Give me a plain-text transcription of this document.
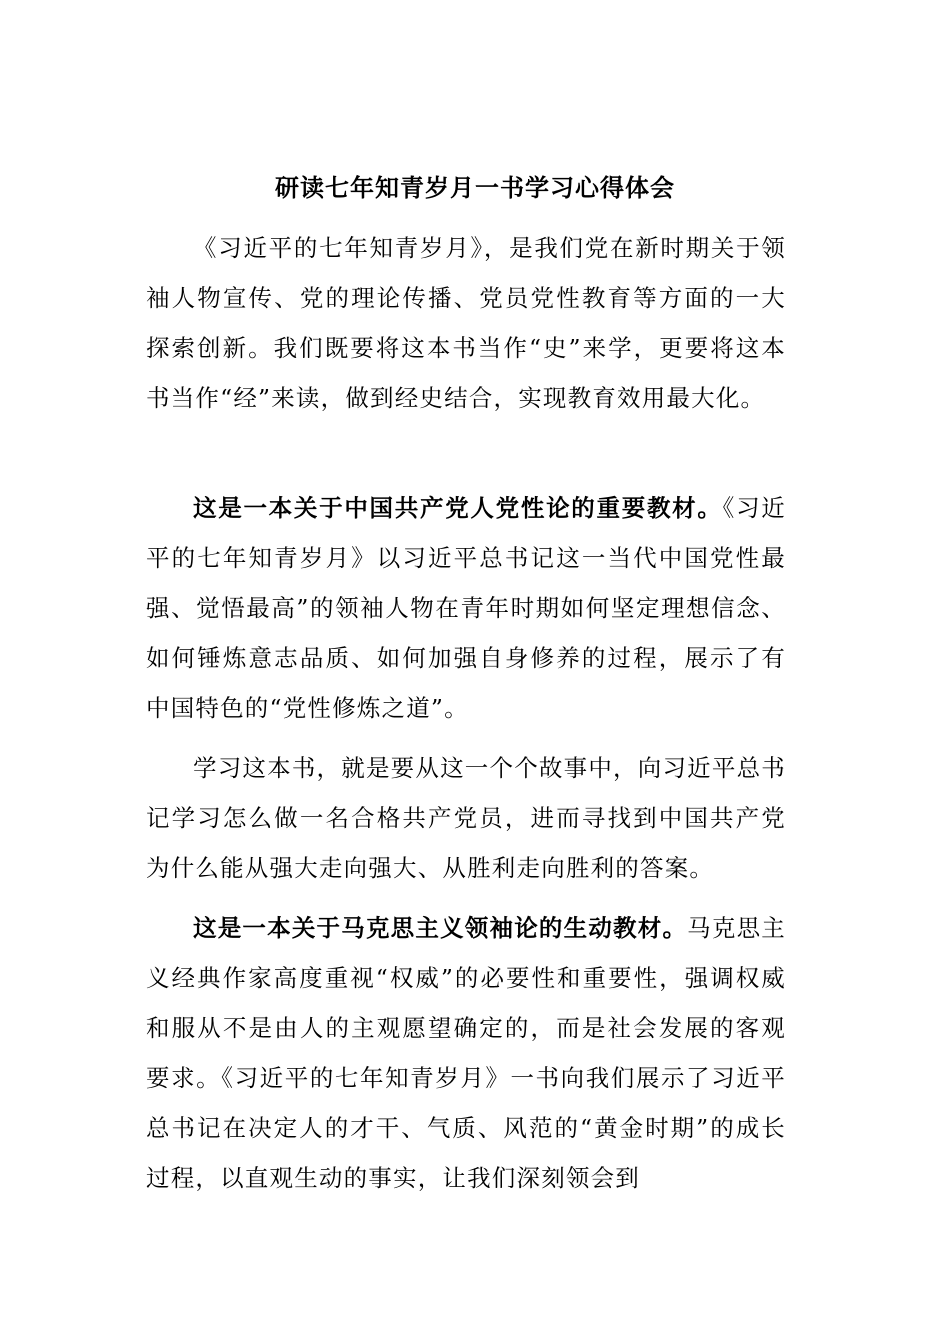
研读七年知青岁月一书学习心得体会

《习近平的七年知青岁月》，是我们党在新时期关于领袖人物宣传、党的理论传播、党员党性教育等方面的一大探索创新。我们既要将这本书当作“史”来学，更要将这本书当作“经”来读，做到经史结合，实现教育效用最大化。

这是一本关于中国共产党人党性论的重要教材。《习近平的七年知青岁月》以习近平总书记这一当代中国党性最强、觉悟最高”的领袖人物在青年时期如何坚定理想信念、如何锤炼意志品质、如何加强自身修养的过程，展示了有中国特色的“党性修炼之道”。

学习这本书，就是要从这一个个故事中，向习近平总书记学习怎么做一名合格共产党员，进而寻找到中国共产党为什么能从强大走向强大、从胜利走向胜利的答案。

这是一本关于马克思主义领袖论的生动教材。马克思主义经典作家高度重视“权威”的必要性和重要性，强调权威和服从不是由人的主观愿望确定的，而是社会发展的客观要求。《习近平的七年知青岁月》一书向我们展示了习近平总书记在决定人的才干、气质、风范的“黄金时期”的成长过程，以直观生动的事实，让我们深刻领会到
